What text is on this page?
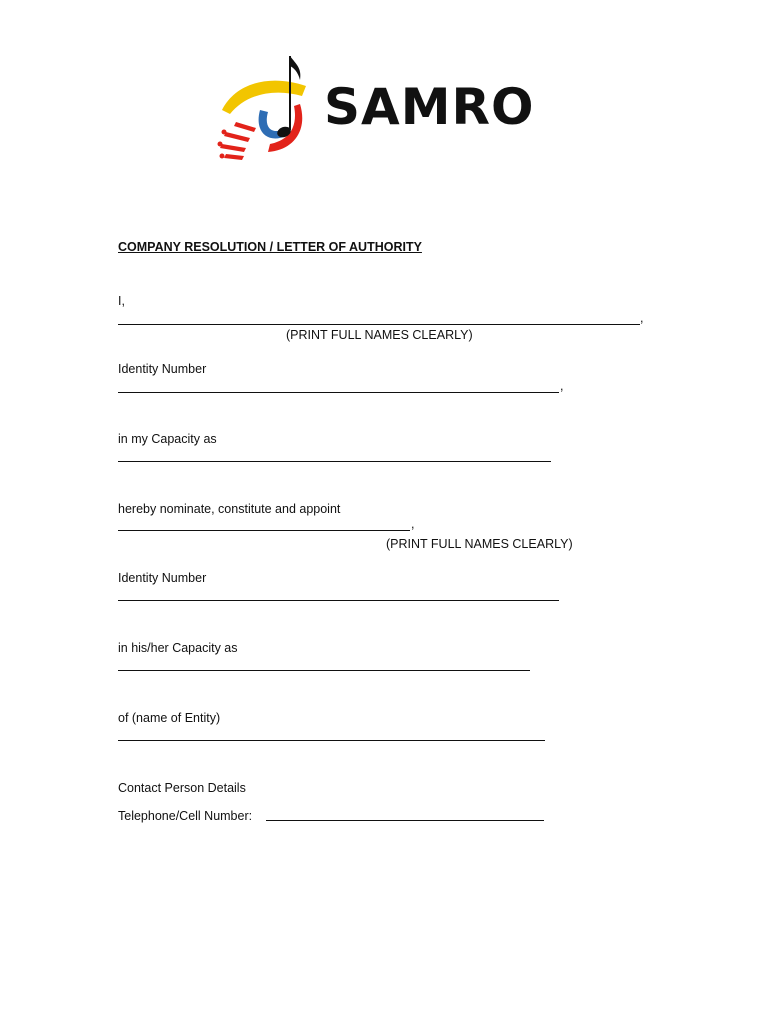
SAMRO
COMPANY RESOLUTION / LETTER OF AUTHORITY
I,
,
(PRINT FULL NAMES CLEARLY)
Identity Number
,
in my Capacity as
hereby nominate, constitute and appoint
,
(PRINT FULL NAMES CLEARLY)
Identity Number
in his/her Capacity as
of (name of Entity)
Contact Person Details
Telephone/Cell Number:
